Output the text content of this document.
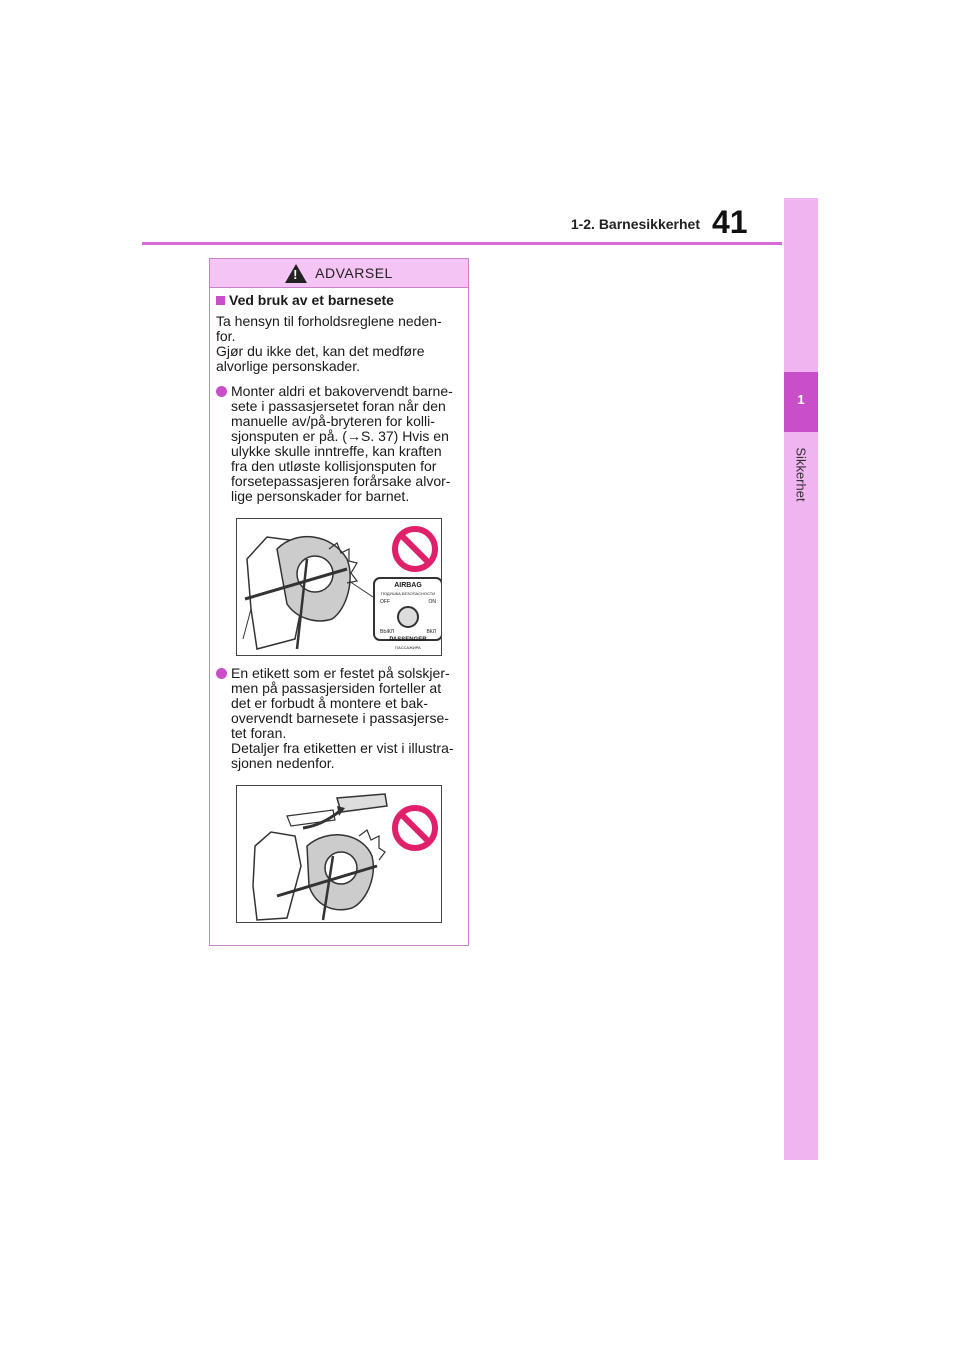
1
Sikkerhet
1-2. Barnesikkerhet 41
!
ADVARSEL
Ved bruk av et barnesete
Ta hensyn til forholdsreglene neden-
for.
Gjør du ikke det, kan det medføre
alvorlige personskader.
Monter aldri et bakovervendt barne-
sete i passasjersetet foran når den
manuelle av/på-bryteren for kolli-
sjonsputen er på. (→S. 37) Hvis en
ulykke skulle inntreffe, kan kraften
fra den utløste kollisjonsputen for
forsetepassasjeren forårsake alvor-
lige personskader for barnet.
AIRBAG
ПОДУШКА БЕЗОПАСНОСТИ
OFF	ON
ВЫКЛ	ВКЛ
PASSENGER
ПАССАЖИРА
En etikett som er festet på solskjer-
men på passasjersiden forteller at
det er forbudt å montere et bak-
overvendt barnesete i passasjerse-
tet foran.
Detaljer fra etiketten er vist i illustra-
sjonen nedenfor.
